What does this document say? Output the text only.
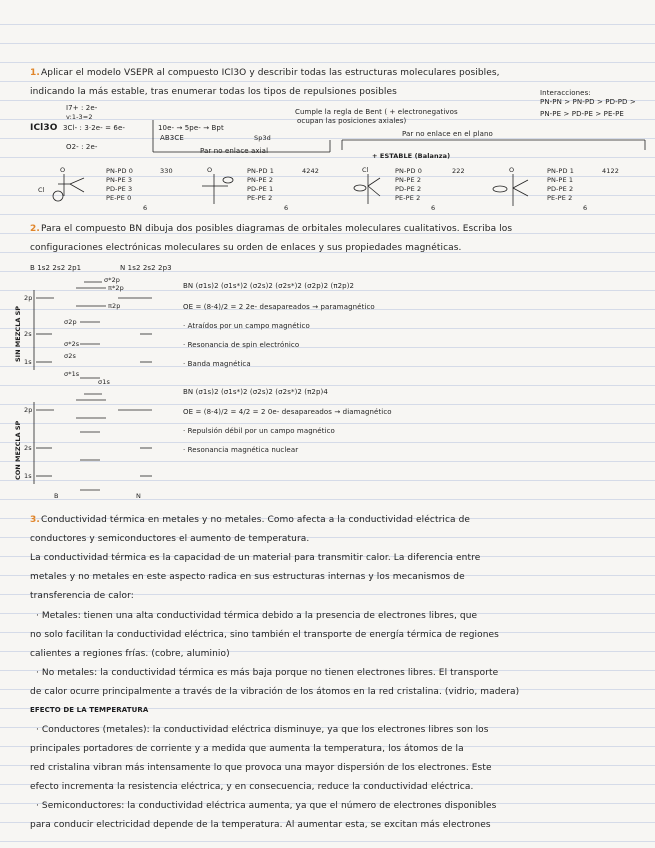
1. Aplicar el modelo VSEPR al compuesto ICl3O y describir todas las estructuras moleculares posibles,
indicando la más estable, tras enumerar todas los tipos de repulsiones posibles	Interacciones:
PN-PN > PN-PD > PD-PD >
PN-PE > PD-PE > PE-PE
I7+ : 2e-
v:1-3=2
ICl3O 3Cl- : 3·2e- = 6e-
O2- : 2e-
10e- → 5pe- → Bpt
AB3CE	Sp3d
Cumple la regla de Bent ( + electronegativos
ocupan las posiciones axiales)
Par no enlace axial
Par no enlace en el plano
+ ESTABLE (Balanza)
PN-PD 0
PN-PE 3
PD-PE 3
PE-PE 0
6
330	PN-PD 1
PN-PE 2
PD-PE 1
PE-PE 2
6
4242	PN-PD 0
PN-PE 2
PD-PE 2
PE-PE 2
6
222	PN-PD 1
PN-PE 1
PD-PE 2
PE-PE 2
6
4122
Cl
O	O	Cl	O
2. Para el compuesto BN dibuja dos posibles diagramas de orbitales moleculares cualitativos. Escriba los
configuraciones electrónicas moleculares su orden de enlaces y sus propiedades magnéticas.
B 1s2 2s2 2p1	N 1s2 2s2 2p3
SIN MEZCLA SP
CON MEZCLA SP
2p
2s
1s
2p
2s
1s
B	N
σ*2p
π*2p
π2p
σ2p
σ*2s
σ2s
σ*1s
σ1s
BN (σ1s)2 (σ1s*)2 (σ2s)2 (σ2s*)2 (σ2p)2 (π2p)2
OE = (8-4)/2 = 2 2e- desapareados → paramagnético
· Atraídos por un campo magnético
· Resonancia de spin electrónico
· Banda magnética
BN (σ1s)2 (σ1s*)2 (σ2s)2 (σ2s*)2 (π2p)4
OE = (8-4)/2 = 4/2 = 2 0e- desapareados → diamagnético
· Repulsión débil por un campo magnético
· Resonancia magnética nuclear
3. Conductividad térmica en metales y no metales. Como afecta a la conductividad eléctrica de
conductores y semiconductores el aumento de temperatura.
La conductividad térmica es la capacidad de un material para transmitir calor. La diferencia entre
metales y no metales en este aspecto radica en sus estructuras internas y los mecanismos de
transferencia de calor:
· Metales: tienen una alta conductividad térmica debido a la presencia de electrones libres, que
no solo facilitan la conductividad eléctrica, sino también el transporte de energía térmica de regiones
calientes a regiones frías. (cobre, aluminio)
· No metales: la conductividad térmica es más baja porque no tienen electrones libres. El transporte
de calor ocurre principalmente a través de la vibración de los átomos en la red cristalina. (vidrio, madera)
EFECTO DE LA TEMPERATURA
· Conductores (metales): la conductividad eléctrica disminuye, ya que los electrones libres son los
principales portadores de corriente y a medida que aumenta la temperatura, los átomos de la
red cristalina vibran más intensamente lo que provoca una mayor dispersión de los electrones. Este
efecto incrementa la resistencia eléctrica, y en consecuencia, reduce la conductividad eléctrica.
· Semiconductores: la conductividad eléctrica aumenta, ya que el número de electrones disponibles
para conducir electricidad depende de la temperatura. Al aumentar esta, se excitan más electrones
